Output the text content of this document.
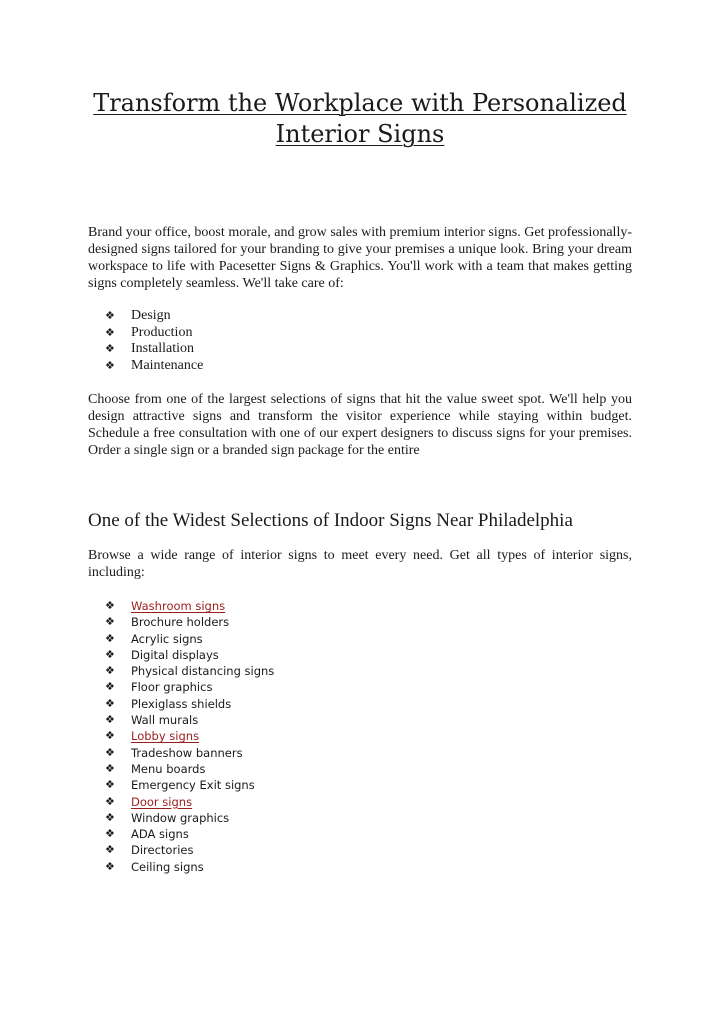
Transform the Workplace with Personalized
Interior Signs

Brand your office, boost morale, and grow sales with premium interior signs. Get professionally-designed signs tailored for your branding to give your premises a unique look. Bring your dream workspace to life with Pacesetter Signs & Graphics. You'll work with a team that makes getting signs completely seamless. We'll take care of:

❖ Design
❖ Production
❖ Installation
❖ Maintenance

Choose from one of the largest selections of signs that hit the value sweet spot. We'll help you design attractive signs and transform the visitor experience while staying within budget. Schedule a free consultation with one of our expert designers to discuss signs for your premises. Order a single sign or a branded sign package for the entire

One of the Widest Selections of Indoor Signs Near Philadelphia

Browse a wide range of interior signs to meet every need. Get all types of interior signs, including:

❖ Washroom signs
❖ Brochure holders
❖ Acrylic signs
❖ Digital displays
❖ Physical distancing signs
❖ Floor graphics
❖ Plexiglass shields
❖ Wall murals
❖ Lobby signs
❖ Tradeshow banners
❖ Menu boards
❖ Emergency Exit signs
❖ Door signs
❖ Window graphics
❖ ADA signs
❖ Directories
❖ Ceiling signs
